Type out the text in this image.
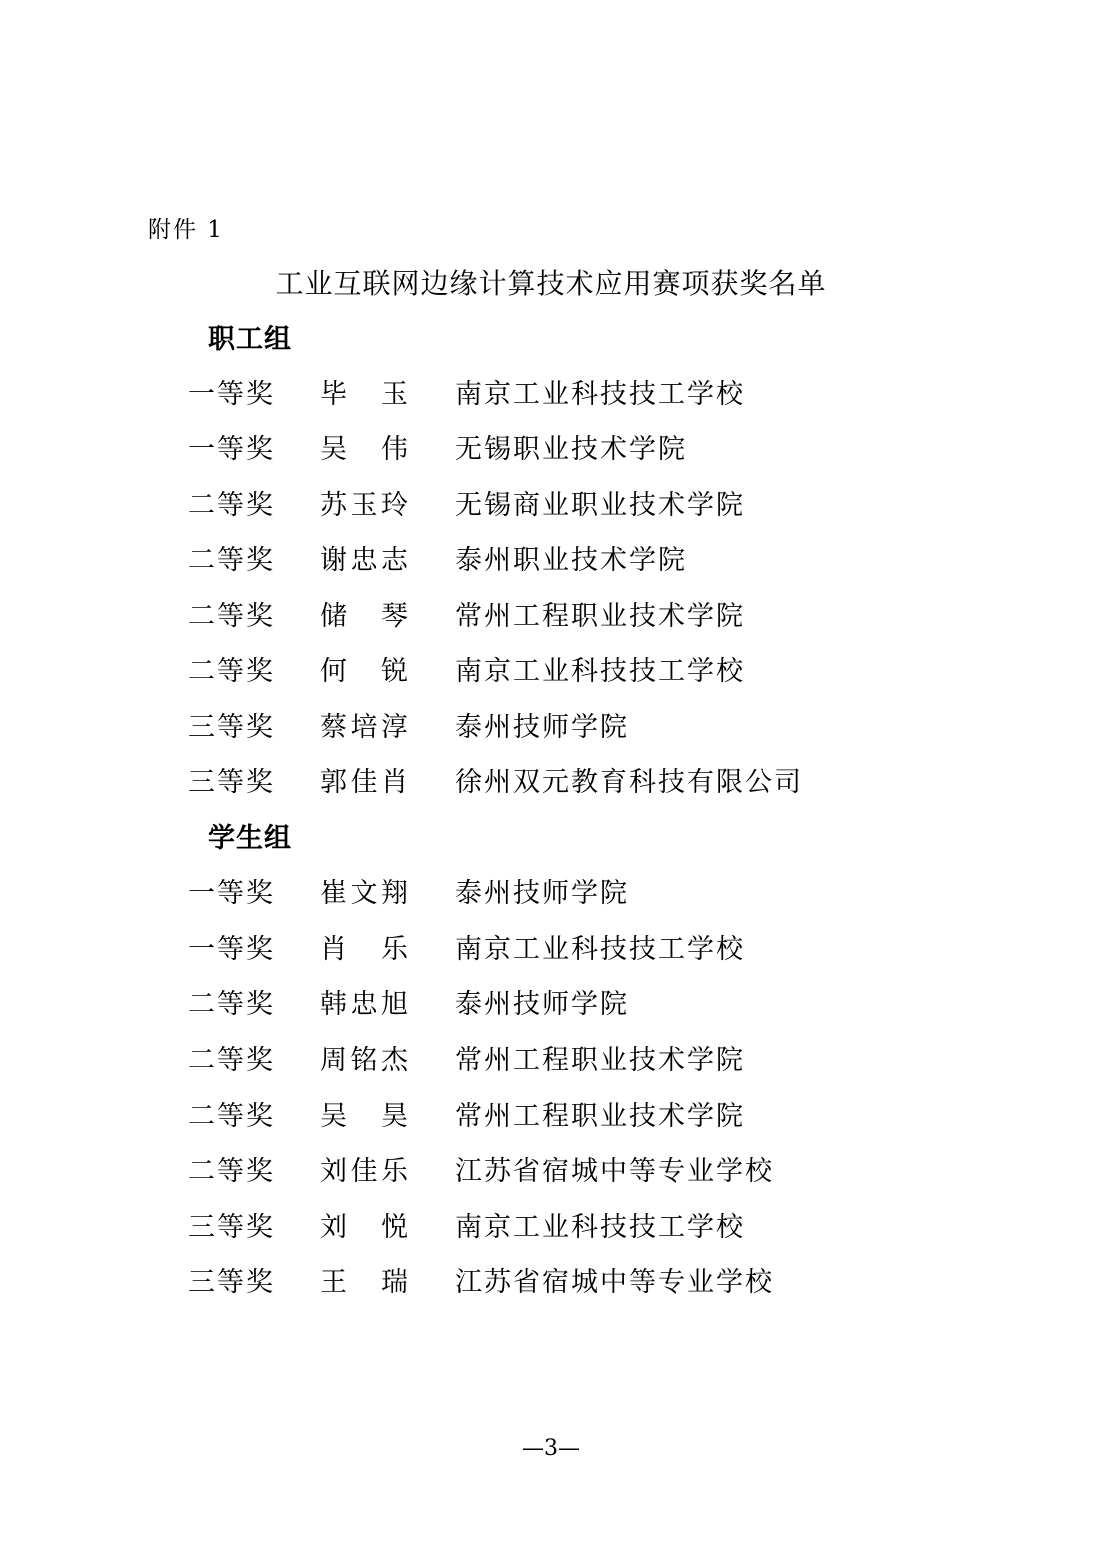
附件 1
工业互联网边缘计算技术应用赛项获奖名单
职工组
一等奖 毕玉 南京工业科技技工学校
一等奖 吴伟 无锡职业技术学院
二等奖 苏玉玲 无锡商业职业技术学院
二等奖 谢忠志 泰州职业技术学院
二等奖 储琴 常州工程职业技术学院
二等奖 何锐 南京工业科技技工学校
三等奖 蔡培淳 泰州技师学院
三等奖 郭佳肖 徐州双元教育科技有限公司
学生组
一等奖 崔文翔 泰州技师学院
一等奖 肖乐 南京工业科技技工学校
二等奖 韩忠旭 泰州技师学院
二等奖 周铭杰 常州工程职业技术学院
二等奖 吴昊 常州工程职业技术学院
二等奖 刘佳乐 江苏省宿城中等专业学校
三等奖 刘悦 南京工业科技技工学校
三等奖 王瑞 江苏省宿城中等专业学校
—3—
